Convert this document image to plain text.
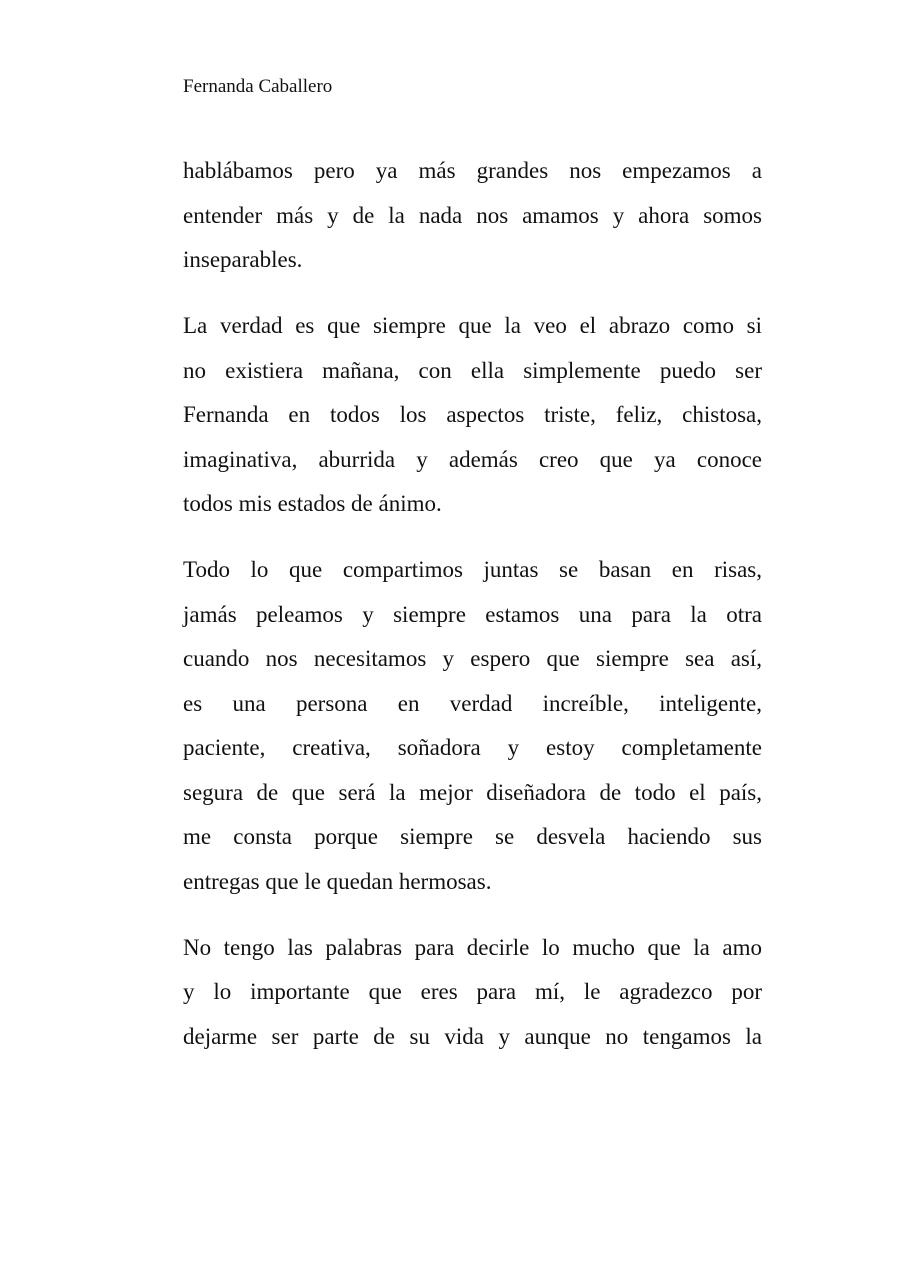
Fernanda Caballero

hablábamos pero ya más grandes nos empezamos a
entender más y de la nada nos amamos y ahora somos
inseparables.

La verdad es que siempre que la veo el abrazo como si
no existiera mañana, con ella simplemente puedo ser
Fernanda en todos los aspectos triste, feliz, chistosa,
imaginativa, aburrida y además creo que ya conoce
todos mis estados de ánimo.

Todo lo que compartimos juntas se basan en risas,
jamás peleamos y siempre estamos una para la otra
cuando nos necesitamos y espero que siempre sea así,
es una persona en verdad increíble, inteligente,
paciente, creativa, soñadora y estoy completamente
segura de que será la mejor diseñadora de todo el país,
me consta porque siempre se desvela haciendo sus
entregas que le quedan hermosas.

No tengo las palabras para decirle lo mucho que la amo
y lo importante que eres para mí, le agradezco por
dejarme ser parte de su vida y aunque no tengamos la
